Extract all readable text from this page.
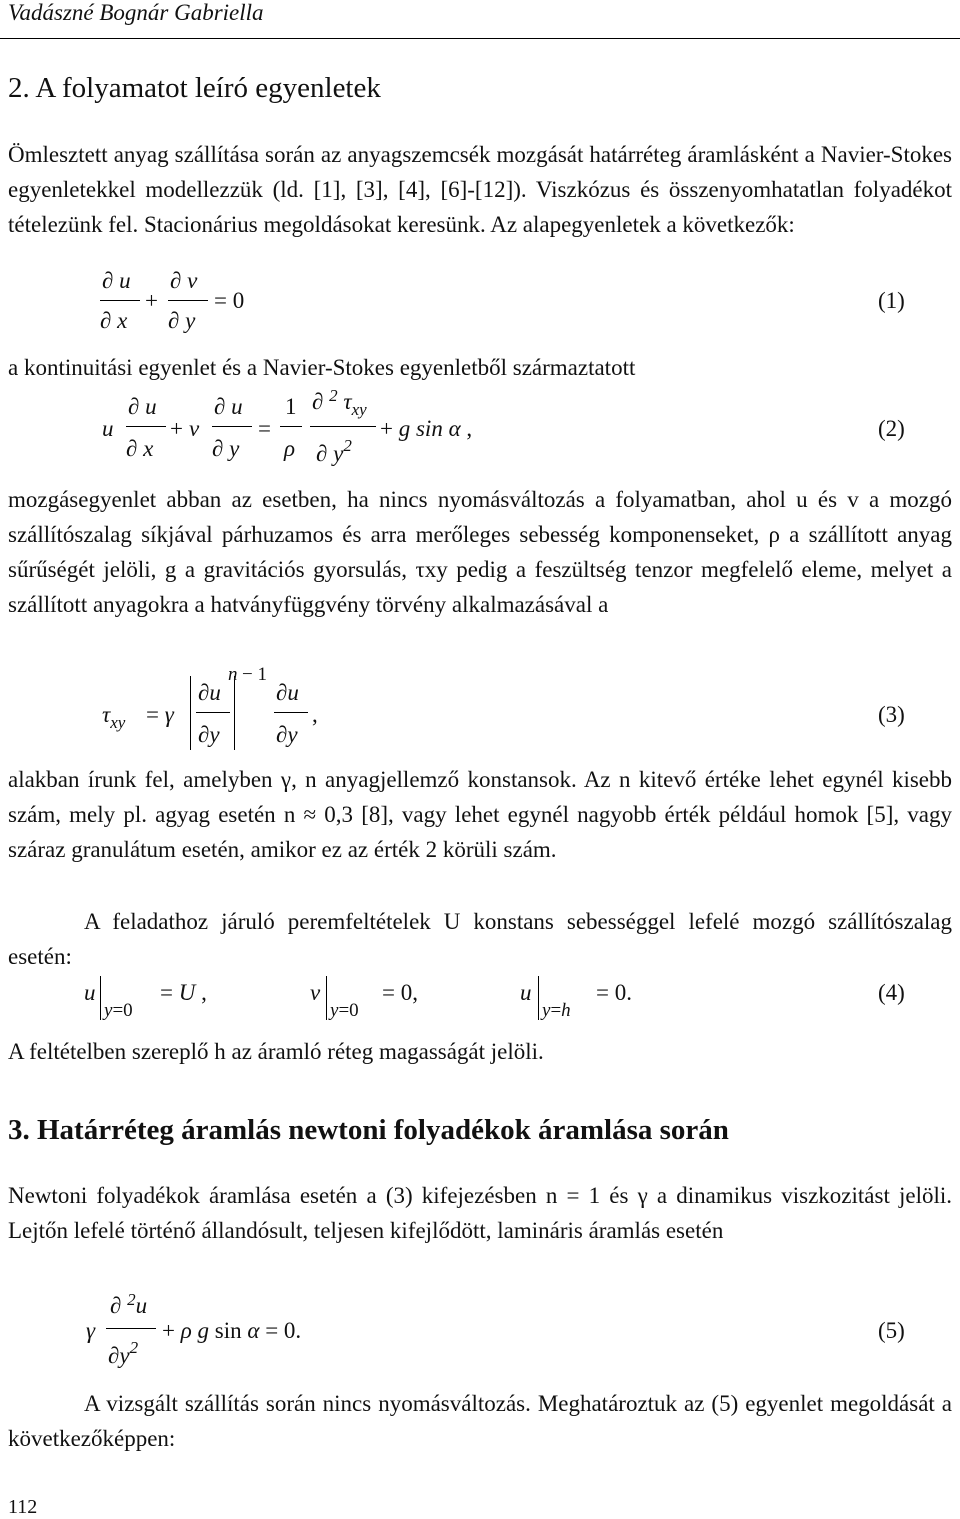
Vadászné Bognár Gabriella
2. A folyamatot leíró egyenletek

Ömlesztett anyag szállítása során az anyagszemcsék mozgását határréteg áramlásként a Navier-Stokes egyenletekkel modellezzük (ld. [1], [3], [4], [6]-[12]). Viszkózus és összenyomhatatlan folyadékot tételezünk fel. Stacionárius megoldásokat keresünk. Az alapegyenletek a következők:

∂ u
∂ x
+
∂ v
∂ y
= 0	(1)

a kontinuitási egyenlet és a Navier-Stokes egyenletből származtatott

u
∂ u
∂ x
+ v
∂ u
∂ y
=
1
ρ
∂ $^2$ $\tau_{xy}$
∂ $y^2$
+ g sin α ,	(2)

mozgásegyenlet abban az esetben, ha nincs nyomásváltozás a folyamatban, ahol u és v a mozgó szállítószalag síkjával párhuzamos és arra merőleges sebesség komponenseket, ρ a szállított anyag sűrűségét jelöli, g a gravitációs gyorsulás, τxy pedig a feszültség tenzor megfelelő eleme, melyet a szállított anyagokra a hatványfüggvény törvény alkalmazásával a

$\tau_{xy} = \gamma$
∂u
∂y
n − 1
∂u
∂y
,	(3)

alakban írunk fel, amelyben γ, n anyagjellemző konstansok. Az n kitevő értéke lehet egynél kisebb szám, mely pl. agyag esetén n ≈ 0,3 [8], vagy lehet egynél nagyobb érték például homok [5], vagy száraz granulátum esetén, amikor ez az érték 2 körüli szám.

A feladathoz járuló peremfeltételek U konstans sebességgel lefelé mozgó szállítószalag esetén:

u
y=0
= U ,	v
y=0
= 0,	u
y=h
= 0.	(4)

A feltételben szereplő h az áramló réteg magasságát jelöli.

3. Határréteg áramlás newtoni folyadékok áramlása során

Newtoni folyadékok áramlása esetén a (3) kifejezésben n = 1 és γ a dinamikus viszkozitást jelöli. Lejtőn lefelé történő állandósult, teljesen kifejlődött, lamináris áramlás esetén

γ
∂ $^2$u
$\partial y^2$
+ ρ g sin α = 0.	(5)

A vizsgált szállítás során nincs nyomásváltozás. Meghatároztuk az (5) egyenlet megoldását a következőképpen:

112
